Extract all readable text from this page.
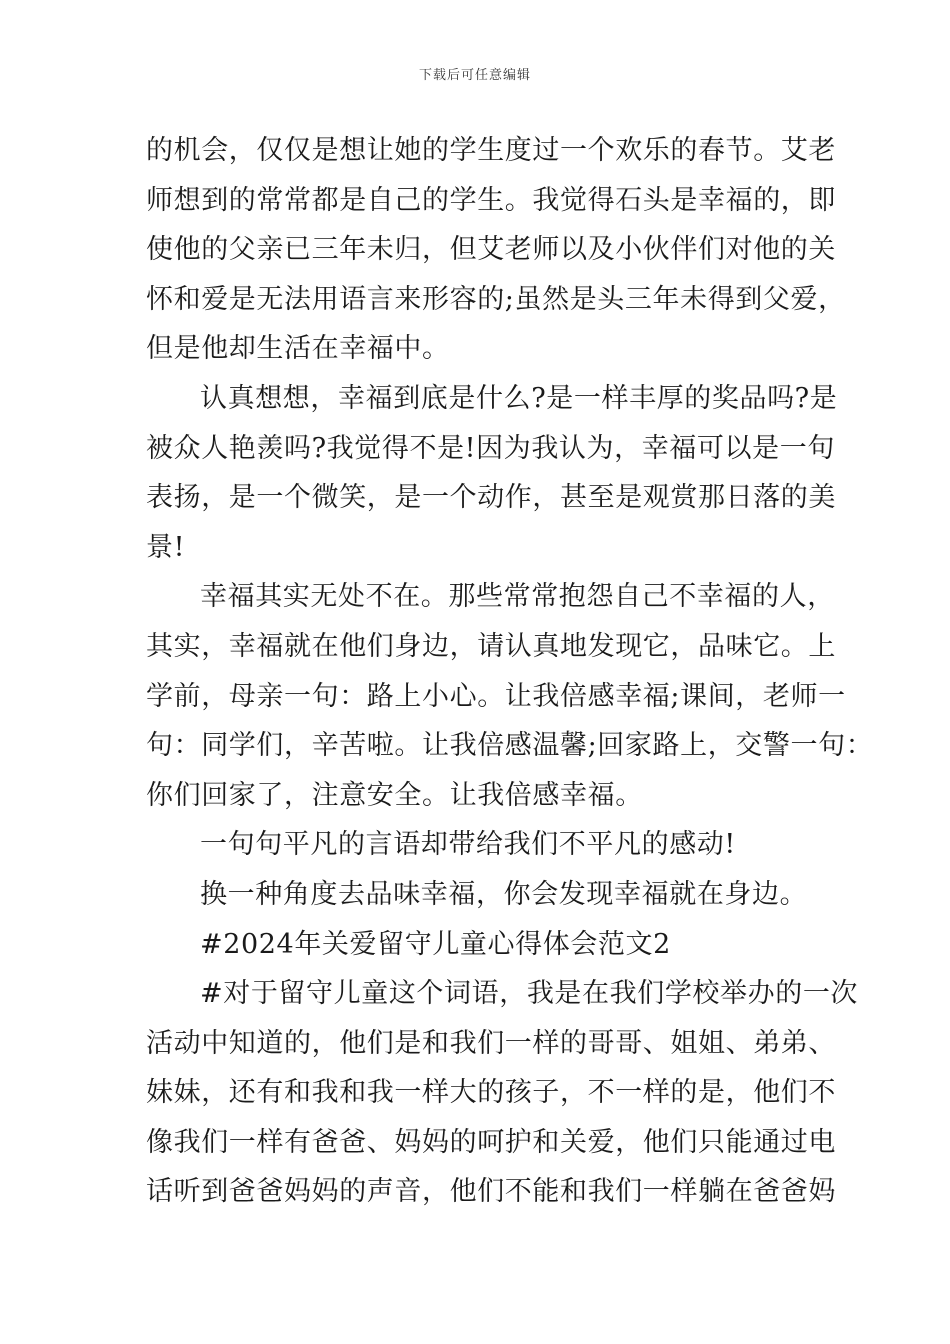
下载后可任意编辑
的机会，仅仅是想让她的学生度过一个欢乐的春节。艾老
师想到的常常都是自己的学生。我觉得石头是幸福的，即
使他的父亲已三年未归，但艾老师以及小伙伴们对他的关
怀和爱是无法用语言来形容的;虽然是头三年未得到父爱，
但是他却生活在幸福中。
认真想想，幸福到底是什么?是一样丰厚的奖品吗?是
被众人艳羡吗?我觉得不是!因为我认为，幸福可以是一句
表扬，是一个微笑，是一个动作，甚至是观赏那日落的美
景!
幸福其实无处不在。那些常常抱怨自己不幸福的人，
其实，幸福就在他们身边，请认真地发现它，品味它。上
学前，母亲一句：路上小心。让我倍感幸福;课间，老师一
句：同学们，辛苦啦。让我倍感温馨;回家路上，交警一句：
你们回家了，注意安全。让我倍感幸福。
一句句平凡的言语却带给我们不平凡的感动!
换一种角度去品味幸福，你会发现幸福就在身边。
#2024年关爱留守儿童心得体会范文2
#对于留守儿童这个词语，我是在我们学校举办的一次
活动中知道的，他们是和我们一样的哥哥、姐姐、弟弟、
妹妹，还有和我和我一样大的孩子，不一样的是，他们不
像我们一样有爸爸、妈妈的呵护和关爱，他们只能通过电
话听到爸爸妈妈的声音，他们不能和我们一样躺在爸爸妈
